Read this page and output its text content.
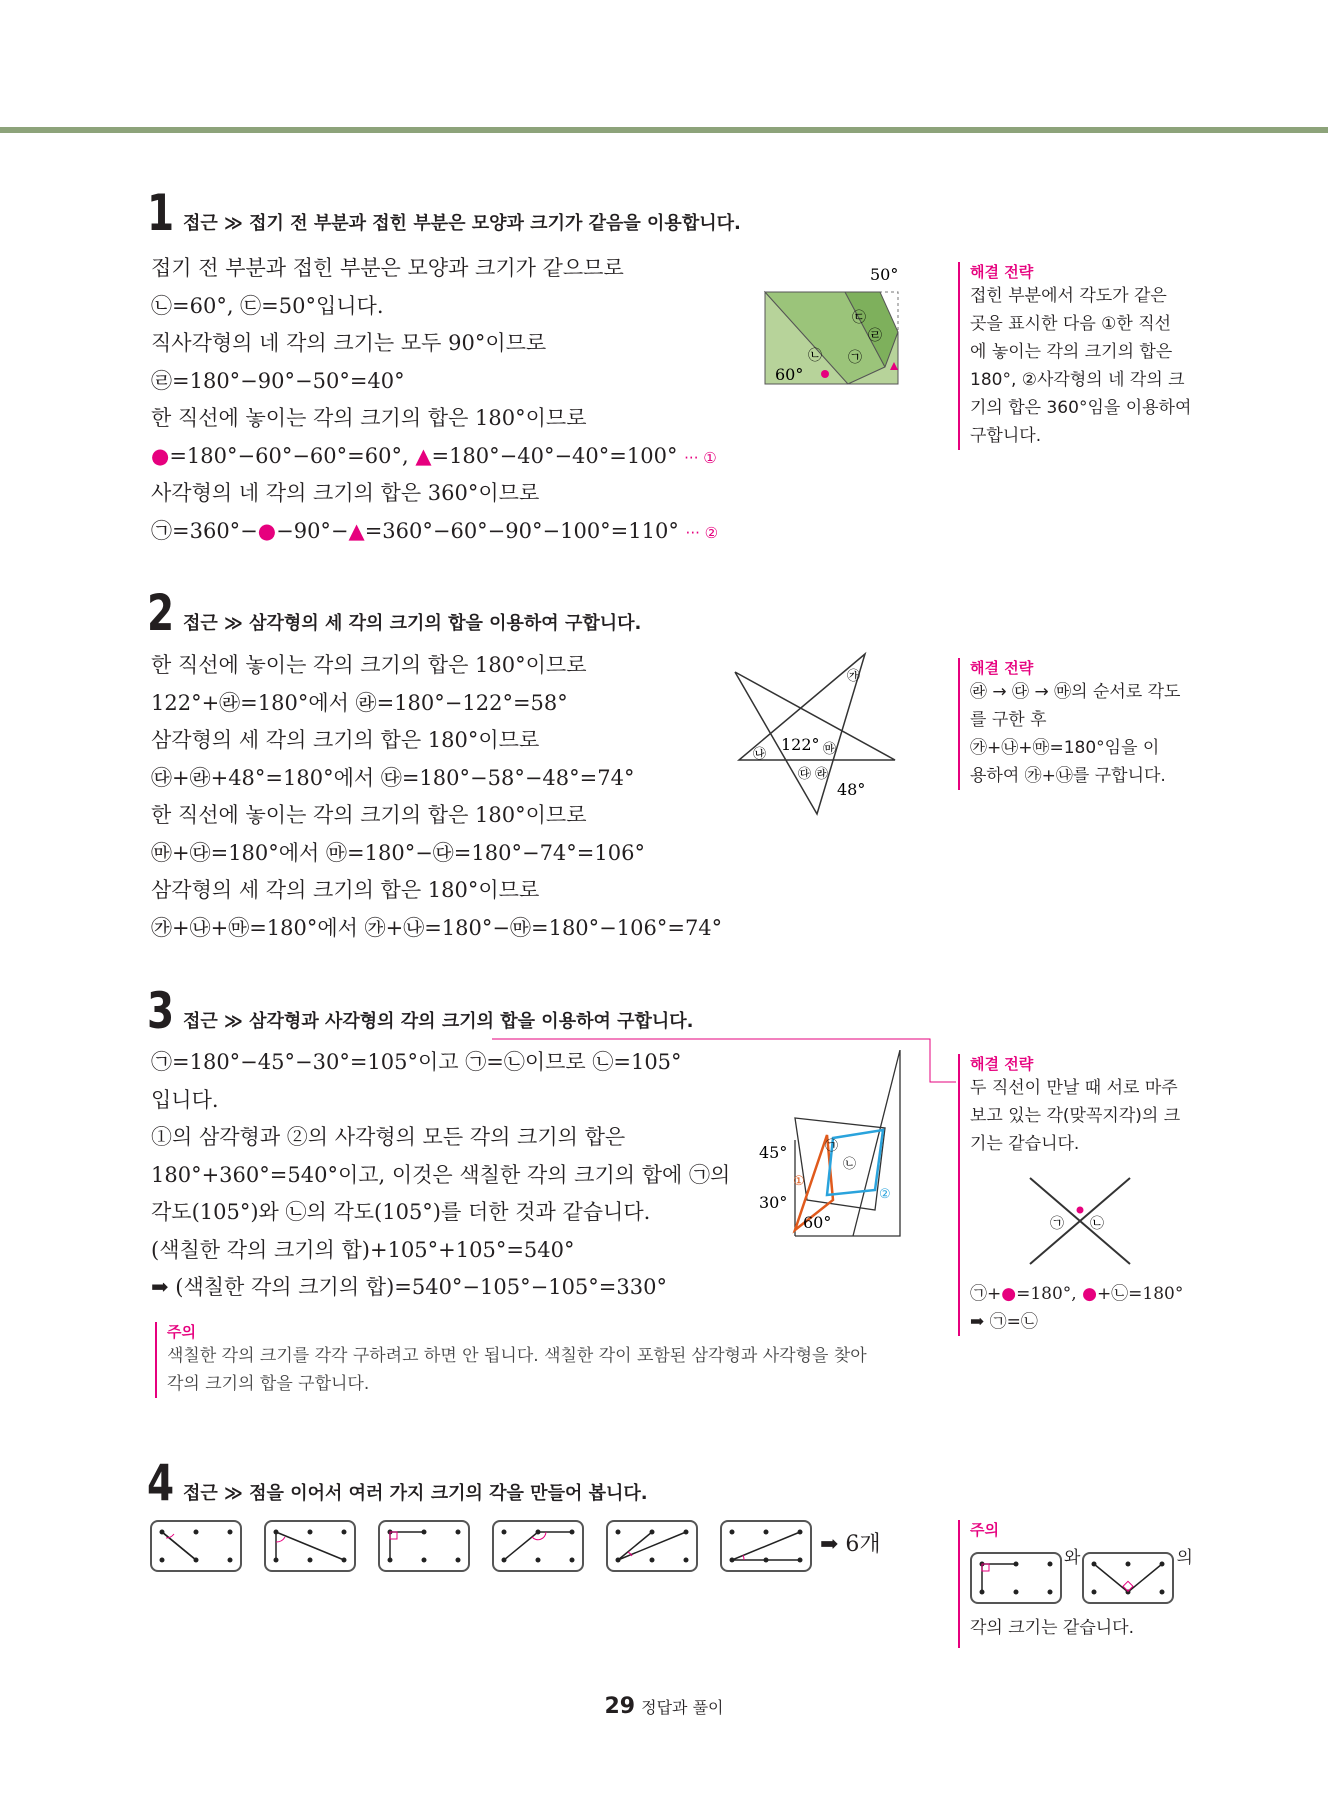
1 접근 ≫ 접기 전 부분과 접힌 부분은 모양과 크기가 같음을 이용합니다.
접기 전 부분과 접힌 부분은 모양과 크기가 같으므로
㉡=60°, ㉢=50°입니다.
직사각형의 네 각의 크기는 모두 90°이므로
㉣=180°−90°−50°=40°
한 직선에 놓이는 각의 크기의 합은 180°이므로
●=180°−60°−60°=60°, ▲=180°−40°−40°=100° ··· ①
사각형의 네 각의 크기의 합은 360°이므로
㉠=360°−●−90°−▲=360°−60°−90°−100°=110° ··· ②
50°
60°
㉠
㉡
㉢
㉣
해결 전략
접힌 부분에서 각도가 같은
곳을 표시한 다음 ①한 직선
에 놓이는 각의 크기의 합은
180°, ②사각형의 네 각의 크
기의 합은 360°임을 이용하여
구합니다.
2 접근 ≫ 삼각형의 세 각의 크기의 합을 이용하여 구합니다.
한 직선에 놓이는 각의 크기의 합은 180°이므로
122°+㉱=180°에서 ㉱=180°−122°=58°
삼각형의 세 각의 크기의 합은 180°이므로
㉰+㉱+48°=180°에서 ㉰=180°−58°−48°=74°
한 직선에 놓이는 각의 크기의 합은 180°이므로
㉲+㉰=180°에서 ㉲=180°−㉰=180°−74°=106°
삼각형의 세 각의 크기의 합은 180°이므로
㉮+㉯+㉲=180°에서 ㉮+㉯=180°−㉲=180°−106°=74°
㉮
㉯
㉰ ㉱
㉲
122°
48°
해결 전략
㉱ → ㉰ → ㉲의 순서로 각도
를 구한 후
㉮+㉯+㉲=180°임을 이
용하여 ㉮+㉯를 구합니다.
3 접근 ≫ 삼각형과 사각형의 각의 크기의 합을 이용하여 구합니다.
㉠=180°−45°−30°=105°이고 ㉠=㉡이므로 ㉡=105°
입니다.
①의 삼각형과 ②의 사각형의 모든 각의 크기의 합은
180°+360°=540°이고, 이것은 색칠한 각의 크기의 합에 ㉠의
각도(105°)와 ㉡의 각도(105°)를 더한 것과 같습니다.
(색칠한 각의 크기의 합)+105°+105°=540°
➡ (색칠한 각의 크기의 합)=540°−105°−105°=330°
45°
30°
60°
㉠
㉡
①
②
해결 전략
두 직선이 만날 때 서로 마주
보고 있는 각(맞꼭지각)의 크
기는 같습니다.
㉠ ㉡
㉠+●=180°, ●+㉡=180°
➡ ㉠=㉡
주의
색칠한 각의 크기를 각각 구하려고 하면 안 됩니다. 색칠한 각이 포함된 삼각형과 사각형을 찾아
각의 크기의 합을 구합니다.
4 접근 ≫ 점을 이어서 여러 가지 크기의 각을 만들어 봅니다.
➡ 6개
주의
와	의
각의 크기는 같습니다.
29 정답과 풀이
